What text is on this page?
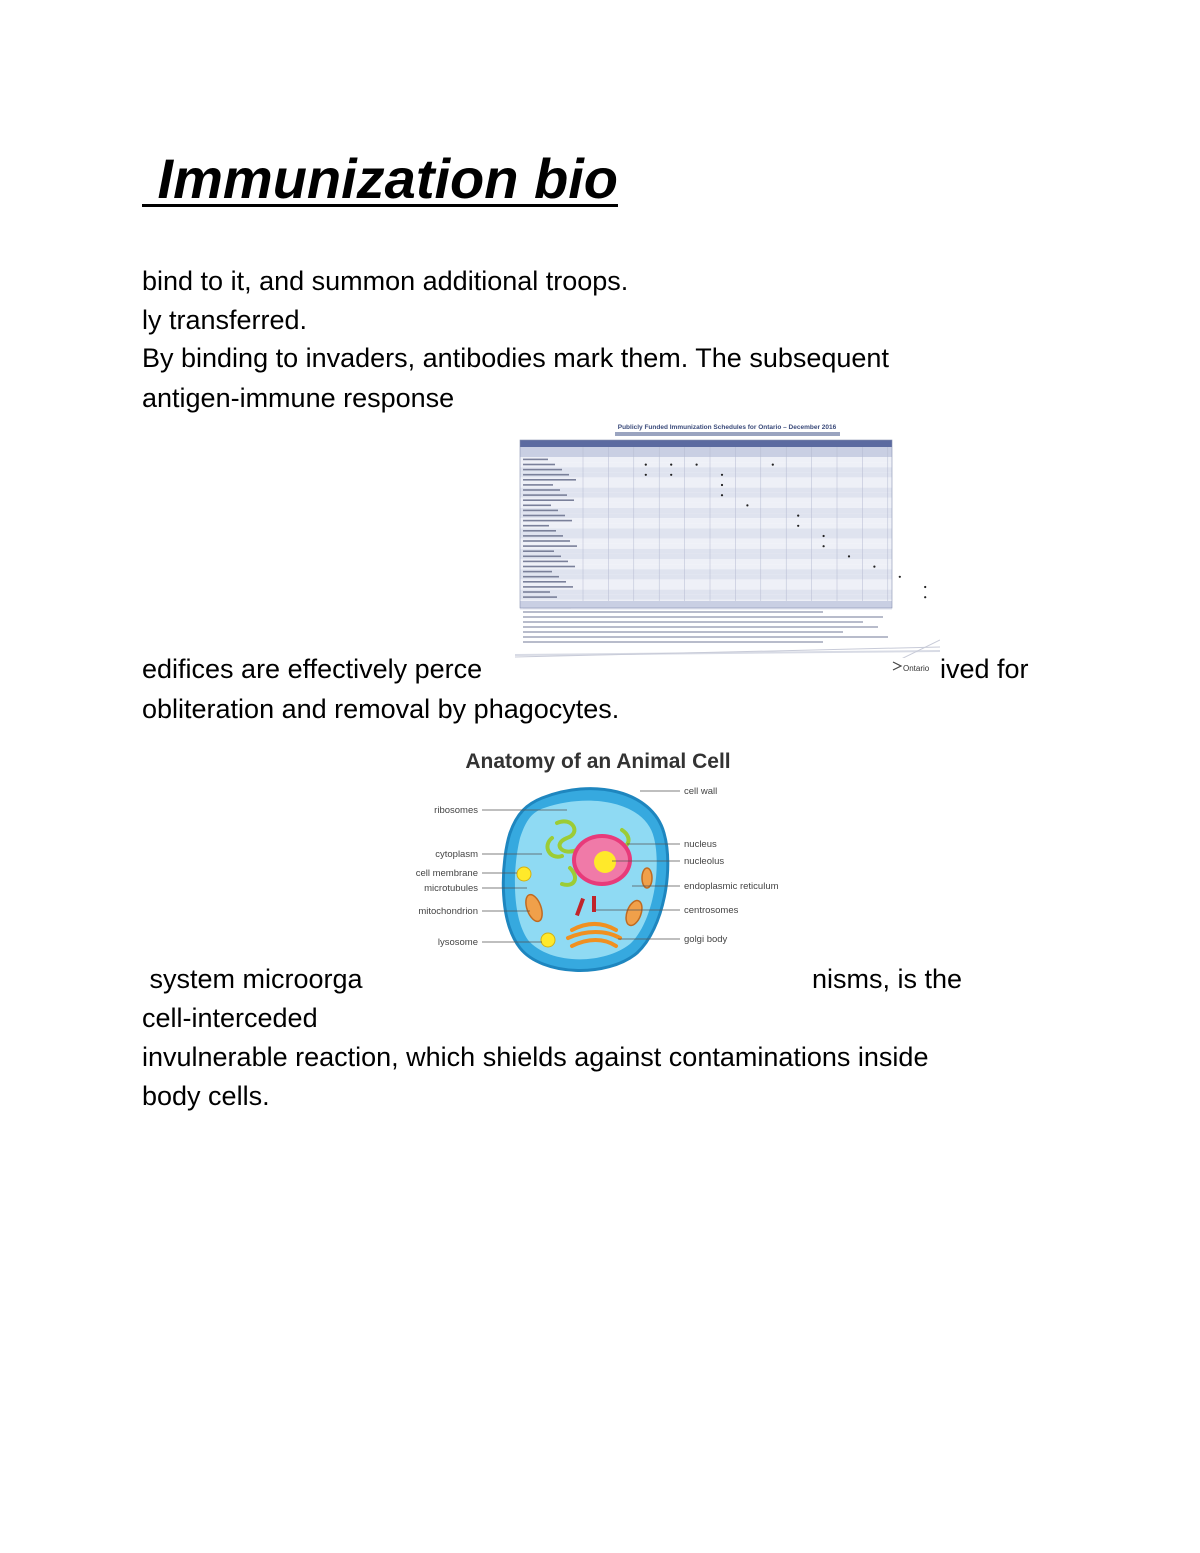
Immunization bio

bind to it, and summon additional troops.

ly transferred.

By binding to invaders, antibodies mark them. The subsequent

antigen-immune response

edifices are effectively perce	ived for

obliteration and removal by phagocytes.

system microorga	nisms, is the

cell-interceded

invulnerable reaction, which shields against contaminations inside

body cells.

Publicly Funded Immunization Schedules for Ontario – December 2016
Ontario
Anatomy of an Animal Cell
ribosomes
cytoplasm
cell membrane
microtubules
mitochondrion
lysosome
cell wall
nucleus
nucleolus
endoplasmic reticulum
centrosomes
golgi body
